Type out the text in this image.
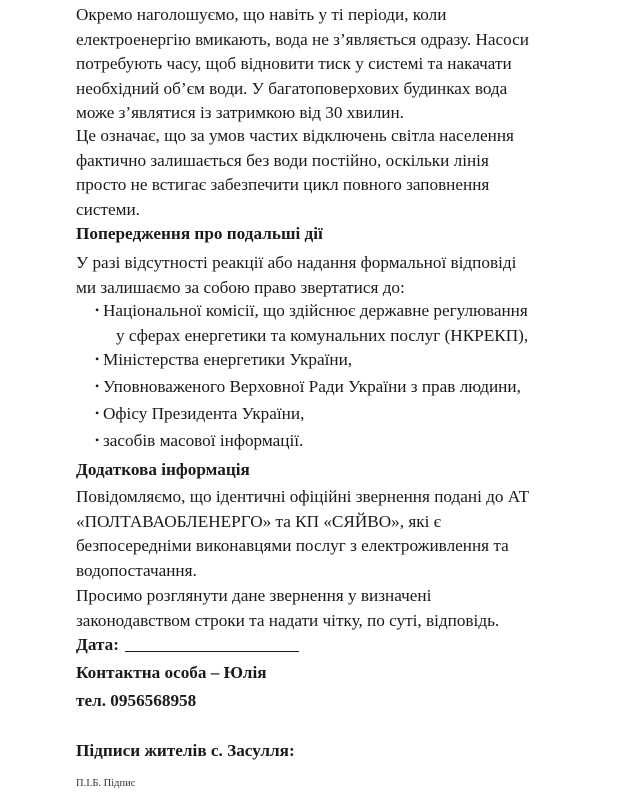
Окремо наголошуємо, що навіть у ті періоди, коли
електроенергію вмикають, вода не з’являється одразу. Насоси
потребують часу, щоб відновити тиск у системі та накачати
необхідний об’єм води. У багатоповерхових будинках вода
може з’являтися із затримкою від 30 хвилин.
Це означає, що за умов частих відключень світла населення
фактично залишається без води постійно, оскільки лінія
просто не встигає забезпечити цикл повного заповнення
системи.
Попередження про подальші дії
У разі відсутності реакції або надання формальної відповіді
ми залишаємо за собою право звертатися до:
• Національної комісії, що здійснює державне регулювання
у сферах енергетики та комунальних послуг (НКРЕКП),
• Міністерства енергетики України,
• Уповноваженого Верховної Ради України з прав людини,
• Офісу Президента України,
• засобів масової інформації.
Додаткова інформація
Повідомляємо, що ідентичні офіційні звернення подані до АТ
«ПОЛТАВАОБЛЕНЕРГО» та КП «СЯЙВО», які є
безпосередніми виконавцями послуг з електроживлення та
водопостачання.
Просимо розглянути дане звернення у визначені
законодавством строки та надати чітку, по суті, відповідь.
Дата:
Контактна особа – Юлія
тел. 0956568958
Підписи жителів с. Засулля:
П.І.Б. Підпис
